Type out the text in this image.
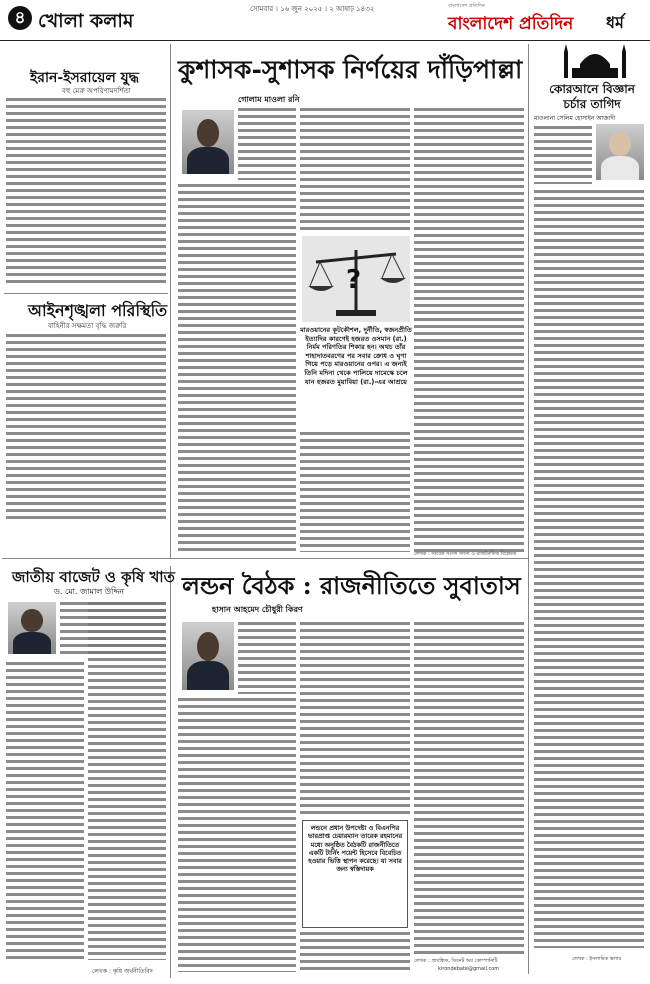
৪ খোলা কলাম
সোমবার । ১৬ জুন ২০২৫ । ২ আষাঢ় ১৪৩২	বাংলাদেশ প্রতিদিন
বাংলাদেশ প্রতিদিন ধর্ম
ইরান-ইসরায়েল যুদ্ধ
বহু মেরু অপরিণামদর্শিতা
আইনশৃঙ্খলা পরিস্থিতি
বাহিনীর সক্ষমতা বৃদ্ধি জরুরি
জাতীয় বাজেট ও কৃষি খাত
ড. মো. জামাল উদ্দিন
লেখক : কৃষি অর্থনীতিবিদ
কুশাসক-সুশাসক নির্ণয়ের দাঁড়িপাল্লা
গোলাম মাওলা রনি
?
মারওয়ানের কূটকৌশল, দুর্নীতি, স্বজনপ্রীতি ইত্যাদির কারণেই হজরত ওসমান (রা.) নির্মম পরিণতির শিকার হন। অথচ তাঁর শাহাদাতবরণের পর সবার ক্রোধ ও ঘৃণা গিয়ে পড়ে মারওয়ানের ওপর। এ জন্যই তিনি মদিনা থেকে পালিয়ে দামেস্কে চলে যান হজরত মুয়াবিয়া (রা.)-এর আশ্রয়ে
লেখক : সাবেক সংসদ সদস্য ও রাজনৈতিক বিশ্লেষক
লন্ডন বৈঠক : রাজনীতিতে সুবাতাস
হাসান আহমেদ চৌধুরী কিরণ
লন্ডনে প্রধান উপদেষ্টা ও বিএনপির ভারপ্রাপ্ত চেয়ারম্যান তারেক রহমানের মধ্যে অনুষ্ঠিত বৈঠকটি রাজনীতিতে একটি টার্নিং পয়েন্ট হিসেবে বিবেচিত হওয়ার ভিত্তি স্থাপন করেছে। যা সবার জন্য স্বস্তিদায়ক
লেখক : প্রাবন্ধিক, ডিনেট অব কোম্পানিটি
kirondebate@gmail.com
কোরআনে বিজ্ঞান চর্চার তাগিদ
মাওলানা সেলিম হোসাইন আজাদী
লেখক : ইসলামিক স্কলার
